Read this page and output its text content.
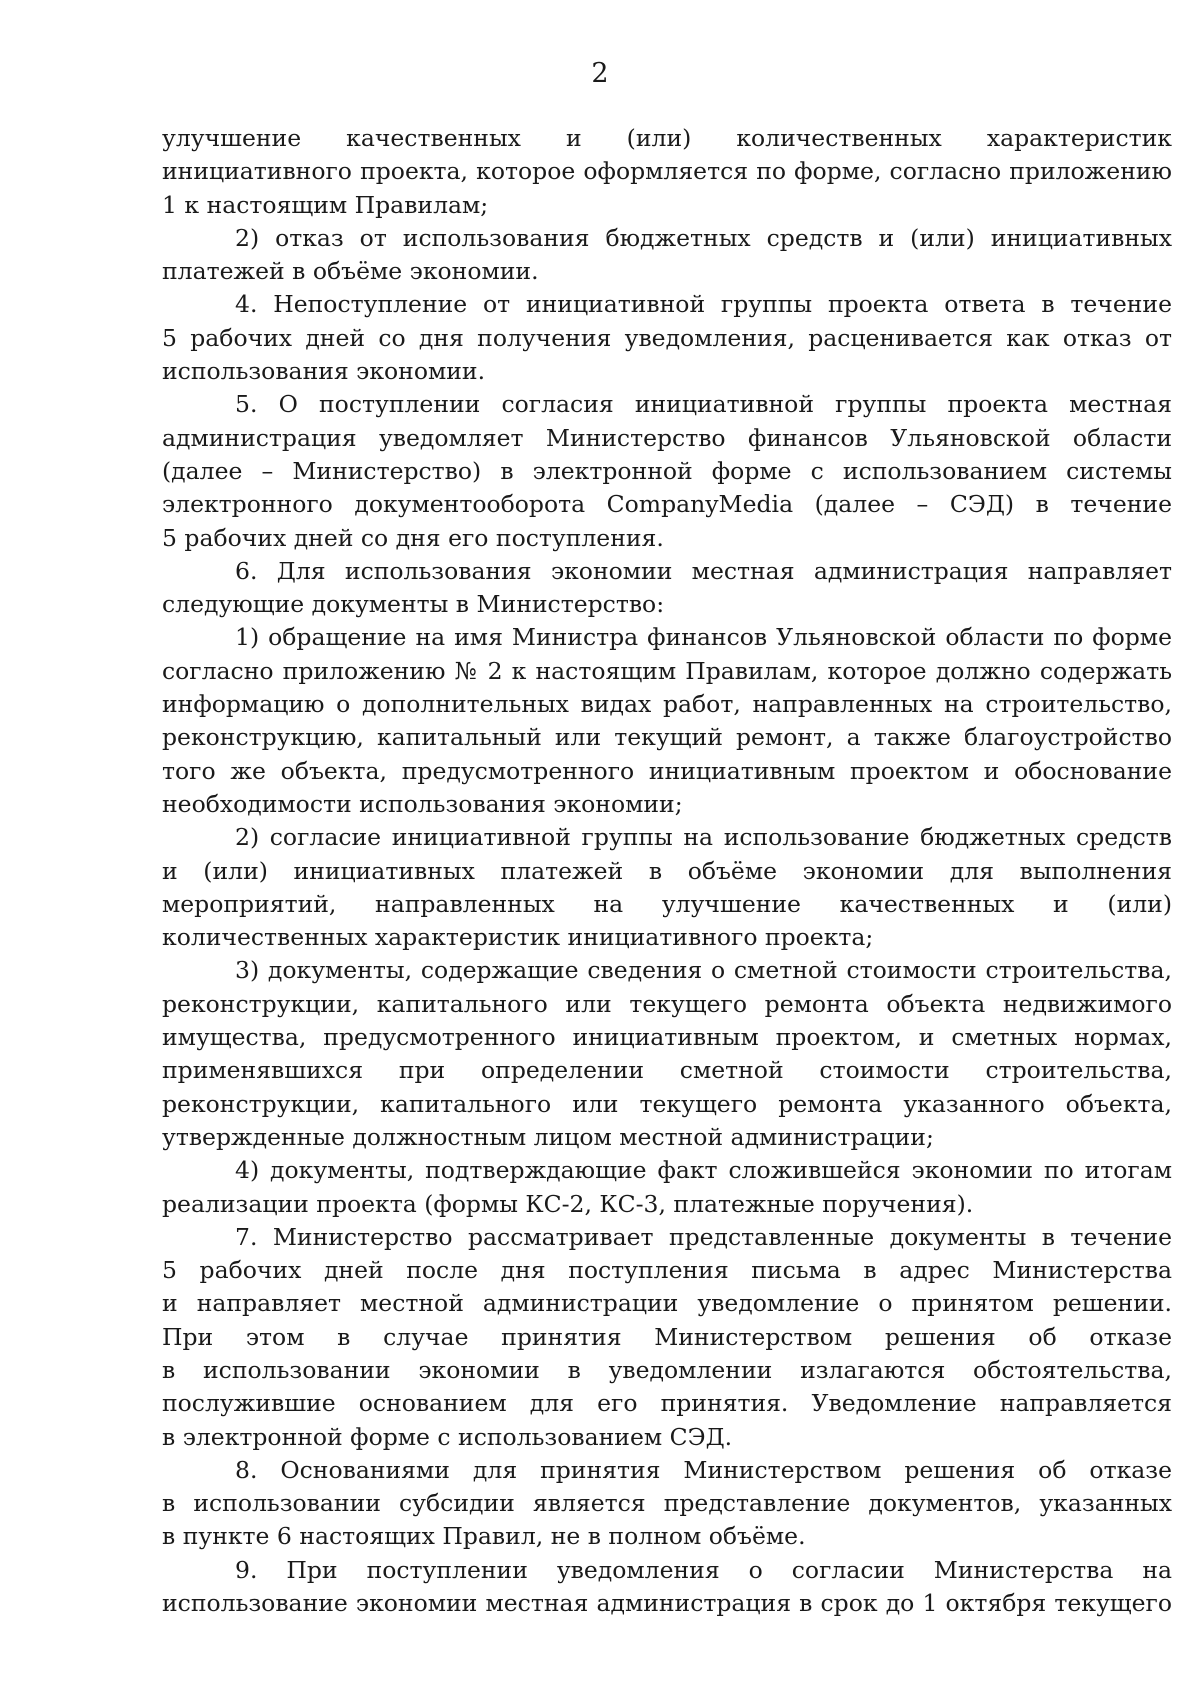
2

улучшение качественных и (или) количественных характеристик

инициативного проекта, которое оформляется по форме, согласно приложению

1 к настоящим Правилам;

2) отказ от использования бюджетных средств и (или) инициативных

платежей в объёме экономии.

4. Непоступление от инициативной группы проекта ответа в течение

5 рабочих дней со дня получения уведомления, расценивается как отказ от

использования экономии.

5. О поступлении согласия инициативной группы проекта местная

администрация уведомляет Министерство финансов Ульяновской области

(далее – Министерство) в электронной форме с использованием системы

электронного документооборота CompanyMedia (далее – СЭД) в течение

5 рабочих дней со дня его поступления.

6. Для использования экономии местная администрация направляет

следующие документы в Министерство:

1) обращение на имя Министра финансов Ульяновской области по форме

согласно приложению № 2 к настоящим Правилам, которое должно содержать

информацию о дополнительных видах работ, направленных на строительство,

реконструкцию, капитальный или текущий ремонт, а также благоустройство

того же объекта, предусмотренного инициативным проектом и обоснование

необходимости использования экономии;

2) согласие инициативной группы на использование бюджетных средств

и (или) инициативных платежей в объёме экономии для выполнения

мероприятий, направленных на улучшение качественных и (или)

количественных характеристик инициативного проекта;

3) документы, содержащие сведения о сметной стоимости строительства,

реконструкции, капитального или текущего ремонта объекта недвижимого

имущества, предусмотренного инициативным проектом, и сметных нормах,

применявшихся при определении сметной стоимости строительства,

реконструкции, капитального или текущего ремонта указанного объекта,

утвержденные должностным лицом местной администрации;

4) документы, подтверждающие факт сложившейся экономии по итогам

реализации проекта (формы КС-2, КС-3, платежные поручения).

7. Министерство рассматривает представленные документы в течение

5 рабочих дней после дня поступления письма в адрес Министерства

и направляет местной администрации уведомление о принятом решении.

При этом в случае принятия Министерством решения об отказе

в использовании экономии в уведомлении излагаются обстоятельства,

послужившие основанием для его принятия. Уведомление направляется

в электронной форме с использованием СЭД.

8. Основаниями для принятия Министерством решения об отказе

в использовании субсидии является представление документов, указанных

в пункте 6 настоящих Правил, не в полном объёме.

9. При поступлении уведомления о согласии Министерства на

использование экономии местная администрация в срок до 1 октября текущего
